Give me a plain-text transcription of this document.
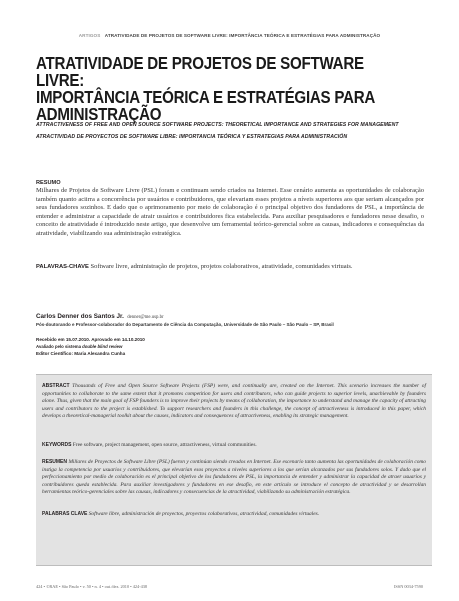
ARTIGOS ATRATIVIDADE DE PROJETOS DE SOFTWARE LIVRE: IMPORTÂNCIA TEÓRICA E ESTRATÉGIAS PARA ADMINISTRAÇÃO
ATRATIVIDADE DE PROJETOS DE SOFTWARE LIVRE:
IMPORTÂNCIA TEÓRICA E ESTRATÉGIAS PARA
ADMINISTRAÇÃO

ATTRACTIVENESS OF FREE AND OPEN SOURCE SOFTWARE PROJECTS: THEORETICAL IMPORTANCE AND STRATEGIES FOR MANAGEMENT

ATRACTIVIDAD DE PROYECTOS DE SOFTWARE LIBRE: IMPORTANCIA TEÓRICA Y ESTRATEGIAS PARA ADMINISTRACIÓN

RESUMO

Milhares de Projetos de Software Livre (PSL) foram e continuam sendo criados na Internet. Esse cenário aumenta as oportunidades de colaboração também quanto aciirra a concorrência por usuários e contribuidores, que elevariam esses projetos a níveis superiores aos que seriam alcançados por seus fundadores sozinhos. E dado que o aprimoramento por meio de colaboração é o principal objetivo dos fundadores de PSL, a importância de entender e administrar a capacidade de atrair usuários e contribuidores fica estabelecida. Para auxiliar pesquisadores e fundadores nesse desafio, o conceito de atratividade é introduzido neste artigo, que desenvolve um ferramental teórico-gerencial sobre as causas, indicadores e consequências da atratividade, viabilizando sua administração estratégica.

PALAVRAS-CHAVE Software livre, administração de projetos, projetos colaborativos, atratividade, comunidades virtuais.

Carlos Denner dos Santos Jr. denner@me.usp.br

Pós-doutorando e Professor-colaborador do Departamento de Ciência da Computação, Universidade de São Paulo – São Paulo – SP, Brasil

Recebido em 15.07.2010. Aprovado em 14.10.2010
Avaliado pelo sistema double blind review
Editor Científico: Maria Alexandra Cunha

ABSTRACT Thousands of Free and Open Source Software Projects (FSP) were, and continually are, created on the Internet. This scenario increases the number of opportunities to collaborate to the same extent that it promotes competition for users and contributors, who can guide projects to superior levels, unachievable by founders alone. Thus, given that the main goal of FSP founders is to improve their projects by means of collaboration, the importance to understand and manage the capacity of attracting users and contributors to the project is established. To support researchers and founders in this challenge, the concept of attractiveness is introduced in this paper, which develops a theoretical-managerial toolkit about the causes, indicators and consequences of attractiveness, enabling its strategic management.

KEYWORDS Free software, project management, open source, attractiveness, virtual communities.

RESUMEN Millares de Proyectos de Software Libre (PSL) fueron y continúan siendo creados en Internet. Ese escenario tanto aumenta las oportunidades de colaboración como instiga la competencia por usuarios y contribuidores, que elevarían esos proyectos a niveles superiores a los que serían alcanzados por sus fundadores solos. Y dado que el perfeccionamiento por medio de colaboración es el principal objetivo de los fundadores de PSL, la importancia de entender y administrar la capacidad de atraer usuarios y contribuidores queda establecida. Para auxiliar investigadores y fundadores en ese desafío, en este artículo se introduce el concepto de atractividad y se desarrollan herramientas teórico-gerenciales sobre las causas, indicadores y consecuencias de la atractividad, viabilizando su administración estratégica.

PALABRAS CLAVE Software libre, administración de proyectos, proyectos colaborativos, atractividad, comunidades virtuales.

424 • ©RAE • São Paulo • v. 50 • n. 4 • out./dez. 2010 • 424-438	ISSN 0034-7590
